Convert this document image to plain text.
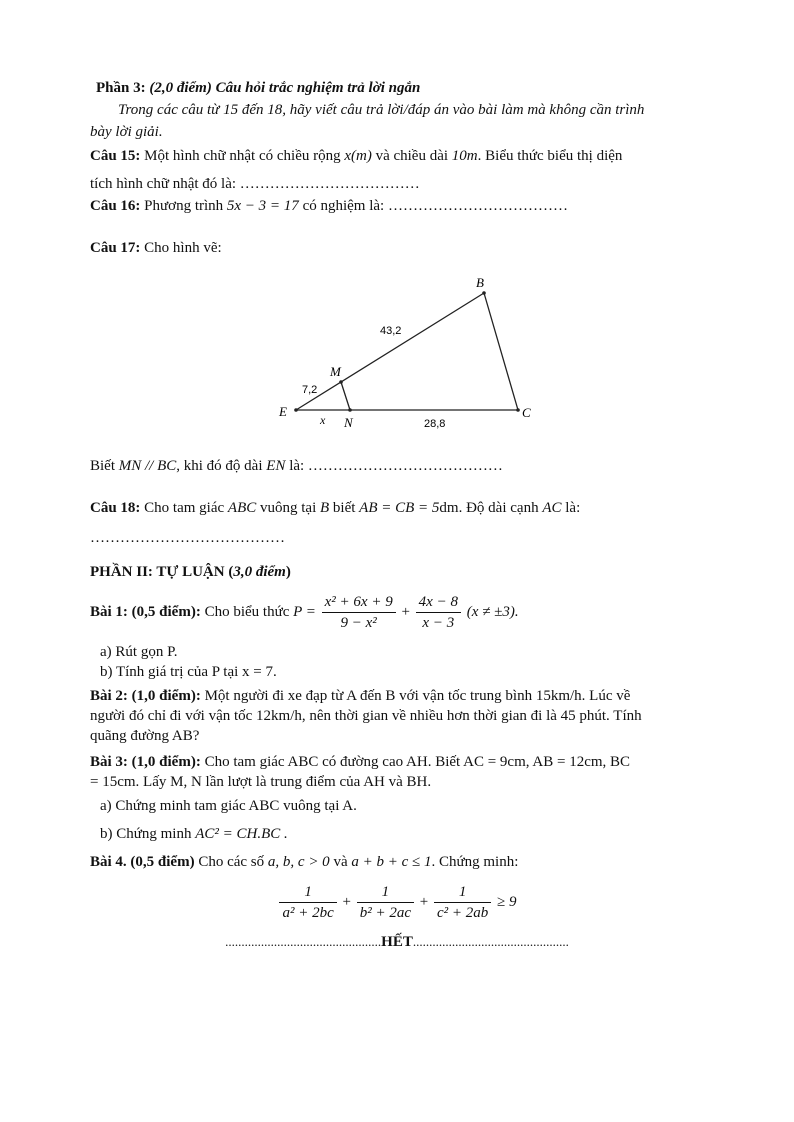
Phần 3: (2,0 điểm) Câu hỏi trắc nghiệm trả lời ngắn
Trong các câu từ 15 đến 18, hãy viết câu trả lời/đáp án vào bài làm mà không cần trình
bày lời giải.
Câu 15: Một hình chữ nhật có chiều rộng x(m) và chiều dài 10m. Biểu thức biểu thị diện
tích hình chữ nhật đó là: ………………………………
Câu 16: Phương trình 5x − 3 = 17 có nghiệm là: ………………………………
Câu 17: Cho hình vẽ:
B
M
E
N
C
x
43,2
7,2
28,8
Biết MN // BC, khi đó độ dài EN là: …………………………………
Câu 18: Cho tam giác ABC vuông tại B biết AB = CB = 5dm. Độ dài cạnh AC là:
…………………………………
PHẦN II: TỰ LUẬN (3,0 điểm)
Bài 1: (0,5 điểm): Cho biểu thức $P = \frac{\text{x² + 6x + 9}}{\text{9 − x²}} + \frac{4x - 8}{x - 3} (x \ne \pm 3)$.
a) Rút gọn P.
b) Tính giá trị của P tại x = 7.
Bài 2: (1,0 điểm): Một người đi xe đạp từ A đến B với vận tốc trung bình 15km/h. Lúc về
người đó chỉ đi với vận tốc 12km/h, nên thời gian về nhiều hơn thời gian đi là 45 phút. Tính
quãng đường AB?
Bài 3: (1,0 điểm): Cho tam giác ABC có đường cao AH. Biết AC = 9cm, AB = 12cm, BC
= 15cm. Lấy M, N lần lượt là trung điểm của AH và BH.
a) Chứng minh tam giác ABC vuông tại A.
b) Chứng minh AC² = CH.BC .
Bài 4. (0,5 điểm) Cho các số a, b, c > 0 và a + b + c ≤ 1. Chứng minh:
$\frac{1}{\text{a² + 2bc}} + \frac{1}{\text{b² + 2ac}} + \frac{1}{\text{c² + 2ab}} \ge 9$
................................................HẾT................................................
